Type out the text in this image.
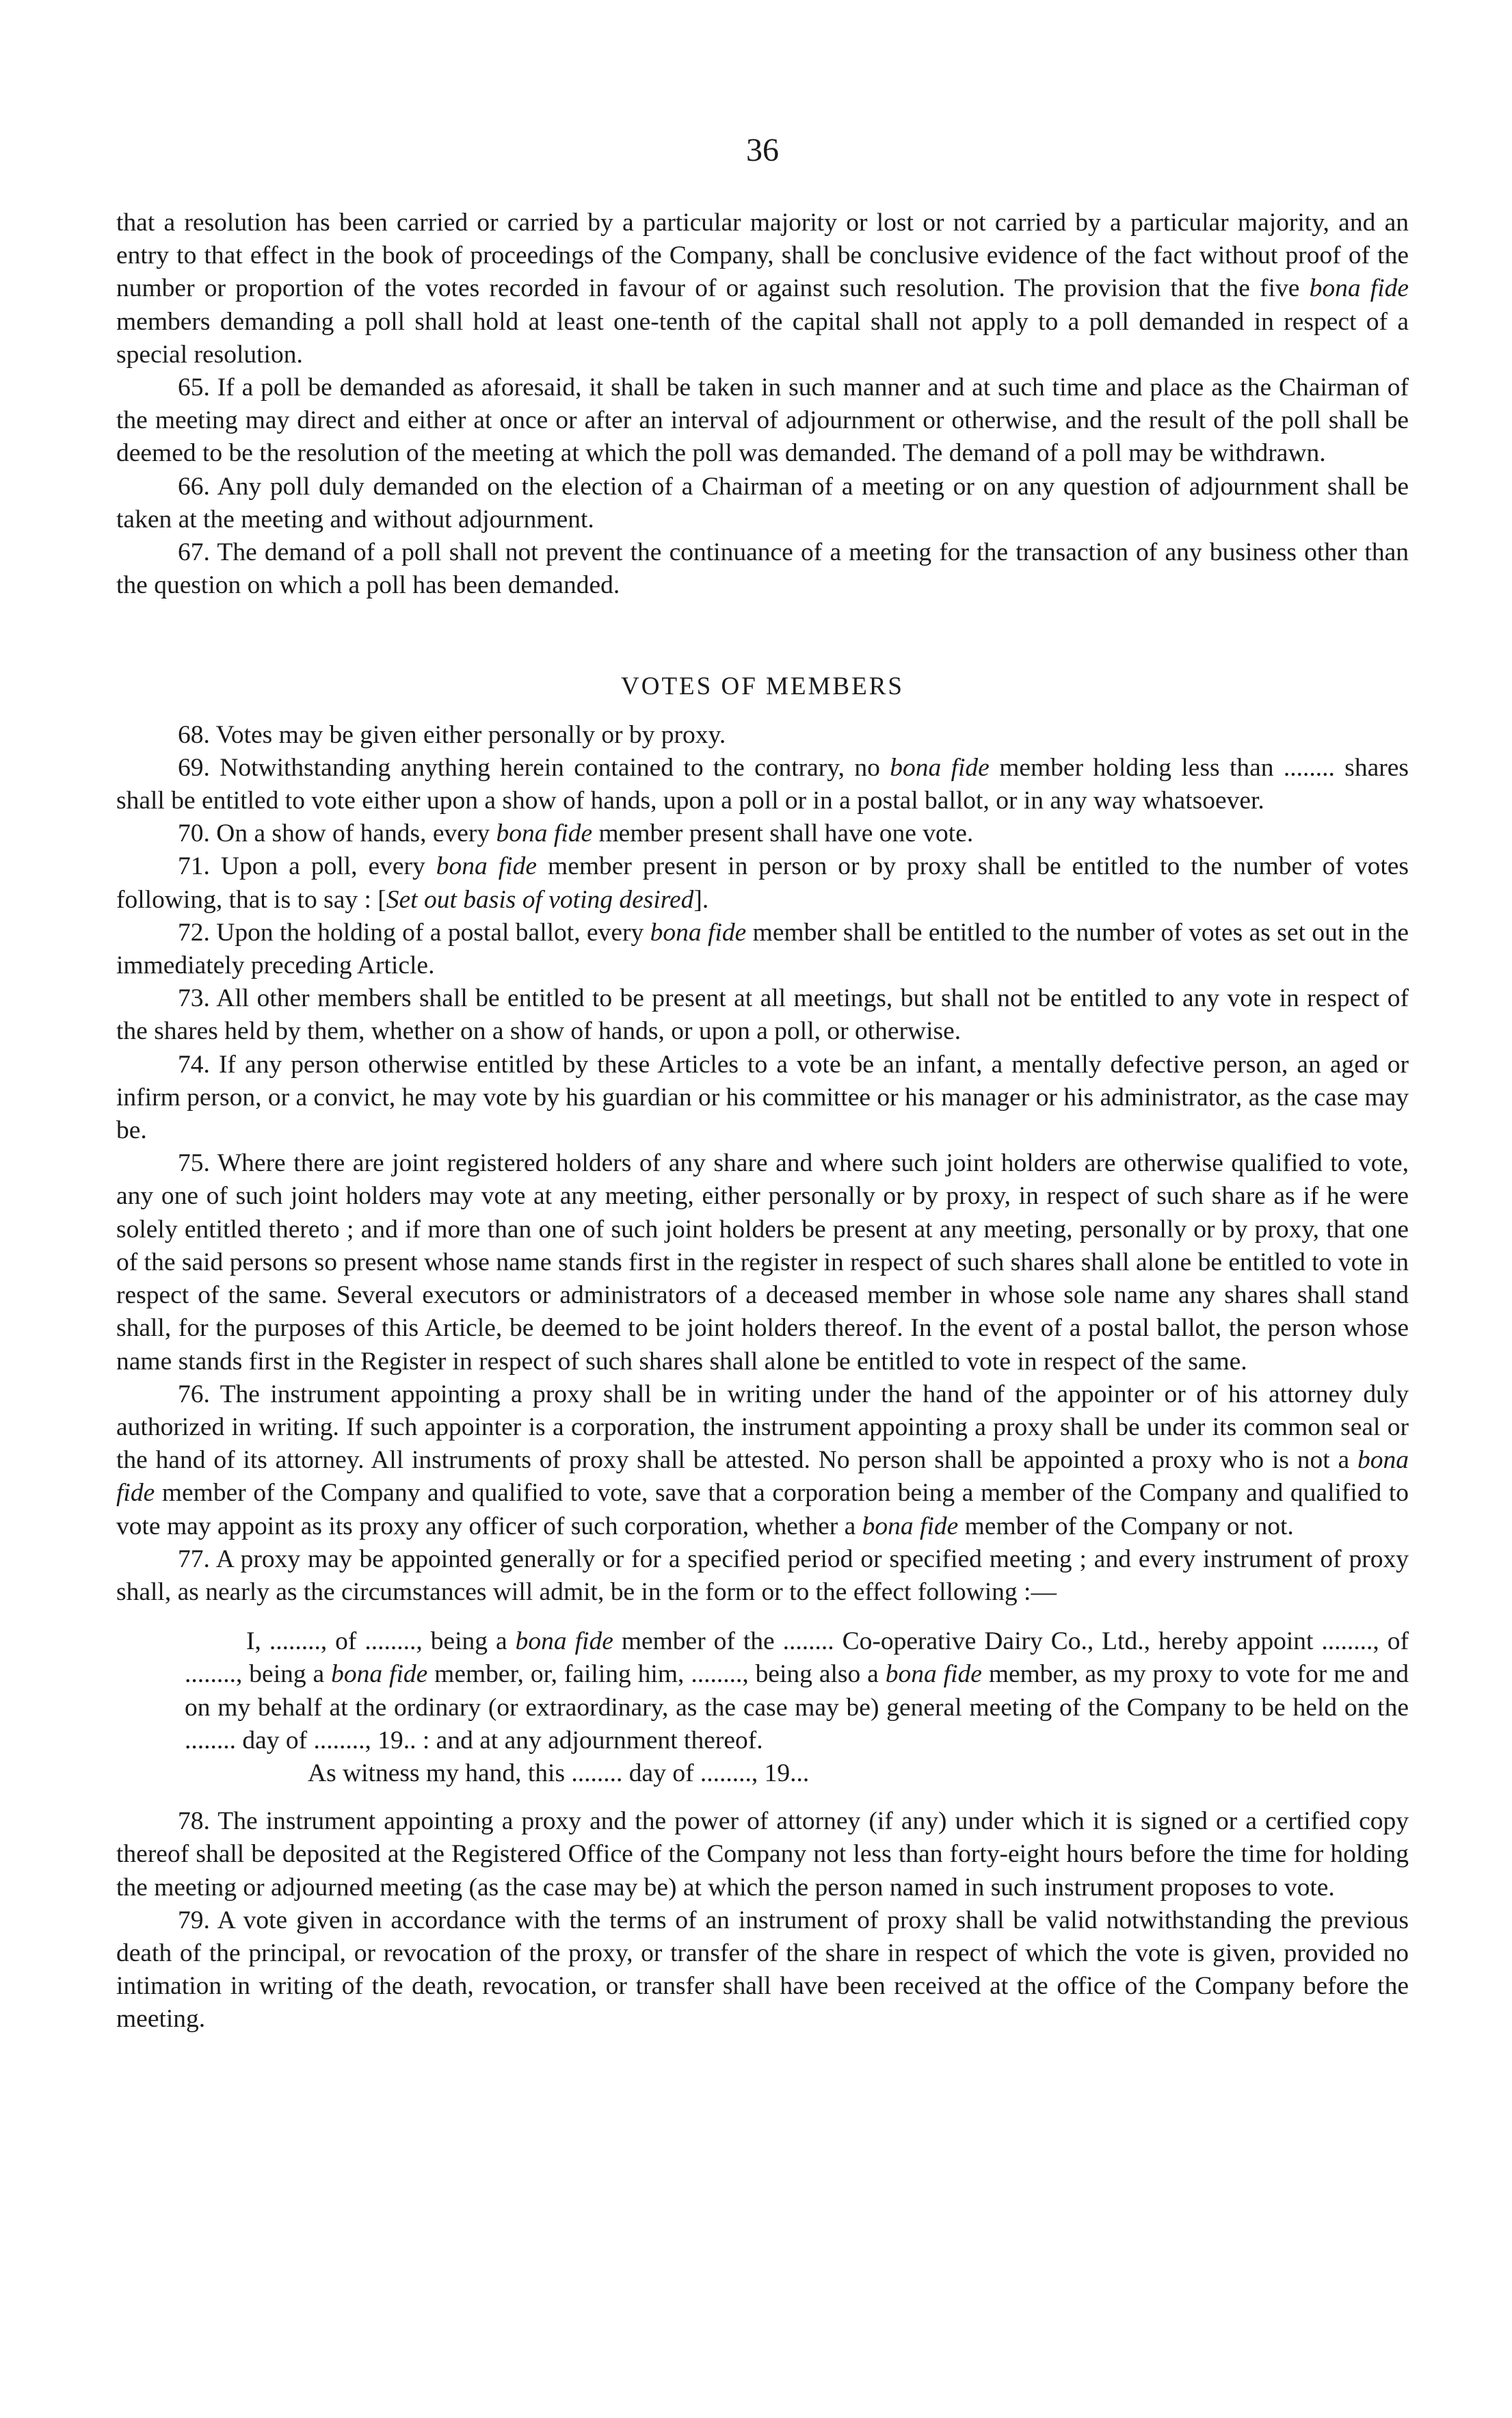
36

that a resolution has been carried or carried by a particular majority or lost or not carried by a particular majority, and an entry to that effect in the book of proceedings of the Company, shall be conclusive evidence of the fact without proof of the number or proportion of the votes recorded in favour of or against such resolution. The provision that the five bona fide members demanding a poll shall hold at least one-tenth of the capital shall not apply to a poll demanded in respect of a special resolution.

65. If a poll be demanded as aforesaid, it shall be taken in such manner and at such time and place as the Chairman of the meeting may direct and either at once or after an interval of adjournment or otherwise, and the result of the poll shall be deemed to be the resolution of the meeting at which the poll was demanded. The demand of a poll may be withdrawn.

66. Any poll duly demanded on the election of a Chairman of a meeting or on any question of adjournment shall be taken at the meeting and without adjournment.

67. The demand of a poll shall not prevent the continuance of a meeting for the transaction of any business other than the question on which a poll has been demanded.

VOTES OF MEMBERS

68. Votes may be given either personally or by proxy.

69. Notwithstanding anything herein contained to the contrary, no bona fide member holding less than ........ shares shall be entitled to vote either upon a show of hands, upon a poll or in a postal ballot, or in any way whatsoever.

70. On a show of hands, every bona fide member present shall have one vote.

71. Upon a poll, every bona fide member present in person or by proxy shall be entitled to the number of votes following, that is to say : [Set out basis of voting desired].

72. Upon the holding of a postal ballot, every bona fide member shall be entitled to the number of votes as set out in the immediately preceding Article.

73. All other members shall be entitled to be present at all meetings, but shall not be entitled to any vote in respect of the shares held by them, whether on a show of hands, or upon a poll, or otherwise.

74. If any person otherwise entitled by these Articles to a vote be an infant, a mentally defective person, an aged or infirm person, or a convict, he may vote by his guardian or his committee or his manager or his administrator, as the case may be.

75. Where there are joint registered holders of any share and where such joint holders are otherwise qualified to vote, any one of such joint holders may vote at any meeting, either personally or by proxy, in respect of such share as if he were solely entitled thereto ; and if more than one of such joint holders be present at any meeting, personally or by proxy, that one of the said persons so present whose name stands first in the register in respect of such shares shall alone be entitled to vote in respect of the same. Several executors or administrators of a deceased member in whose sole name any shares shall stand shall, for the purposes of this Article, be deemed to be joint holders thereof. In the event of a postal ballot, the person whose name stands first in the Register in respect of such shares shall alone be entitled to vote in respect of the same.

76. The instrument appointing a proxy shall be in writing under the hand of the appointer or of his attorney duly authorized in writing. If such appointer is a corporation, the instrument appointing a proxy shall be under its common seal or the hand of its attorney. All instruments of proxy shall be attested. No person shall be appointed a proxy who is not a bona fide member of the Company and qualified to vote, save that a corporation being a member of the Company and qualified to vote may appoint as its proxy any officer of such corporation, whether a bona fide member of the Company or not.

77. A proxy may be appointed generally or for a specified period or specified meeting ; and every instrument of proxy shall, as nearly as the circumstances will admit, be in the form or to the effect following :—

I, ........, of ........, being a bona fide member of the ........ Co-operative Dairy Co., Ltd., hereby appoint ........, of ........, being a bona fide member, or, failing him, ........, being also a bona fide member, as my proxy to vote for me and on my behalf at the ordinary (or extraordinary, as the case may be) general meeting of the Company to be held on the ........ day of ........, 19.. : and at any adjournment thereof.

As witness my hand, this ........ day of ........, 19...

78. The instrument appointing a proxy and the power of attorney (if any) under which it is signed or a certified copy thereof shall be deposited at the Registered Office of the Company not less than forty-eight hours before the time for holding the meeting or adjourned meeting (as the case may be) at which the person named in such instrument proposes to vote.

79. A vote given in accordance with the terms of an instrument of proxy shall be valid notwithstanding the previous death of the principal, or revocation of the proxy, or transfer of the share in respect of which the vote is given, provided no intimation in writing of the death, revocation, or transfer shall have been received at the office of the Company before the meeting.
